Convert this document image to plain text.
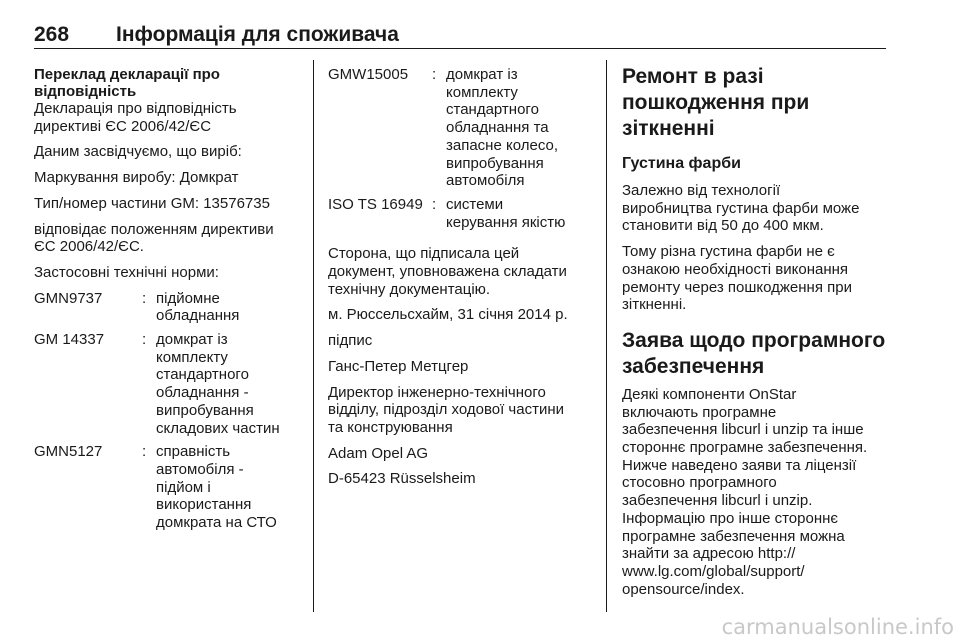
268 Інформація для споживача
Переклад декларації про
відповідність

Декларація про відповідність
директиві ЄС 2006/42/ЄС

Даним засвідчуємо, що виріб:

Маркування виробу: Домкрат

Тип/номер частини GM: 13576735

відповідає положенням директиви
ЄС 2006/42/ЄС.

Застосовні технічні норми:

GMN9737	: підйомне
обладнання
GM 14337	: домкрат із
комплекту
стандартного
обладнання -
випробування
складових частин
GMN5127	: справність
автомобіля -
підйом і
використання
домкрата на СТО
GMW15005	: домкрат із
комплекту
стандартного
обладнання та
запасне колесо,
випробування
автомобіля
ISO TS 16949 : системи
керування якістю

Сторона, що підписала цей
документ, уповноважена складати
технічну документацію.

м. Рюссельсхайм, 31 січня 2014 р.

підпис

Ганс-Петер Метцгер

Директор інженерно-технічного
відділу, підрозділ ходової частини
та конструювання

Adam Opel AG

D-65423 Rüsselsheim

Ремонт в разі
пошкодження при
зіткненні
Густина фарби

Залежно від технології
виробництва густина фарби може
становити від 50 до 400 мкм.

Тому різна густина фарби не є
ознакою необхідності виконання
ремонту через пошкодження при
зіткненні.

Заява щодо програмного
забезпечення

Деякі компоненти OnStar
включають програмне
забезпечення libcurl і unzip та інше
стороннє програмне забезпечення.
Нижче наведено заяви та ліцензії
стосовно програмного
забезпечення libcurl і unzip.
Інформацію про інше стороннє
програмне забезпечення можна
знайти за адресою http://
www.lg.com/global/support/
opensource/index.

carmanualsonline.info
